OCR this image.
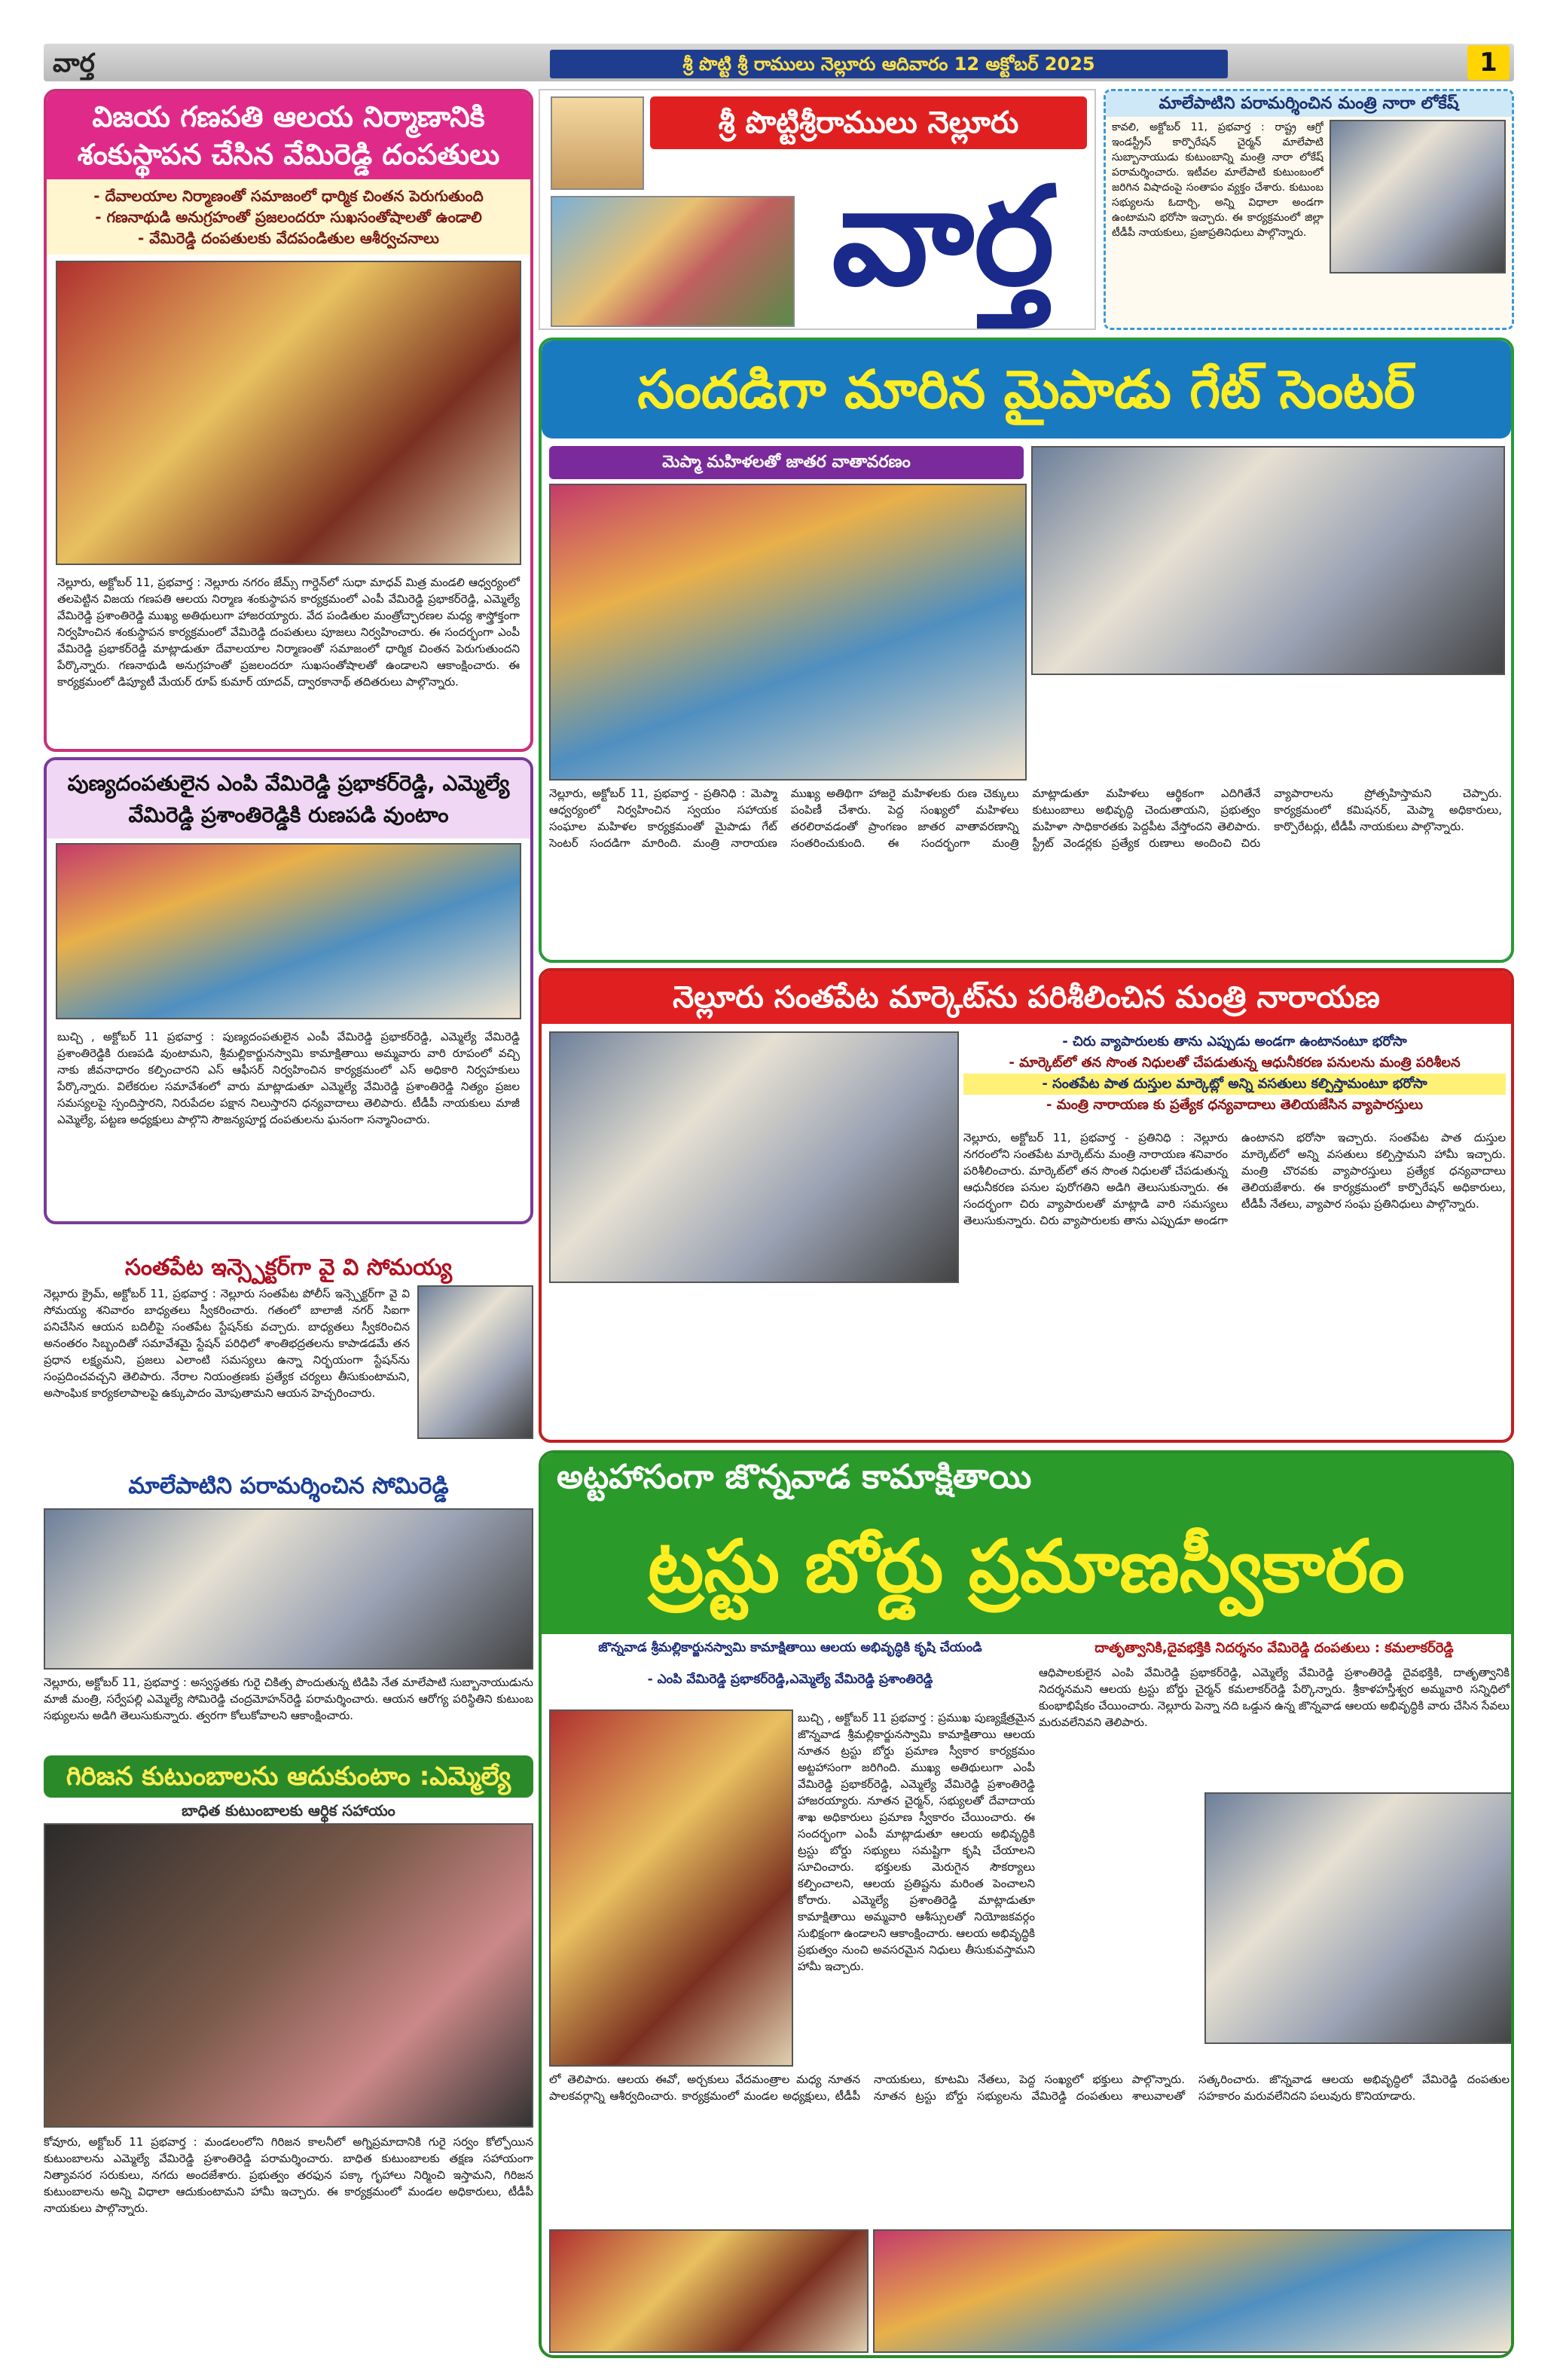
వార్త	శ్రీ పొట్టి శ్రీ రాములు నెల్లూరు ఆదివారం 12 అక్టోబర్ 2025	1
విజయ గణపతి ఆలయ నిర్మాణానికి శంకుస్థాపన చేసిన వేమిరెడ్డి దంపతులు
- దేవాలయాల నిర్మాణంతో సమాజంలో ధార్మిక చింతన పెరుగుతుంది
- గణనాథుడి అనుగ్రహంతో ప్రజలందరూ సుఖసంతోషాలతో ఉండాలి
- వేమిరెడ్డి దంపతులకు వేదపండితుల ఆశీర్వచనాలు
నెల్లూరు, అక్టోబర్ 11, ప్రభవార్త : నెల్లూరు నగరం జేమ్స్ గార్డెన్‌లో సుధా మాధవ్ మిత్ర మండలి ఆధ్వర్యంలో తలపెట్టిన విజయ గణపతి ఆలయ నిర్మాణ శంకుస్థాపన కార్యక్రమంలో ఎంపీ వేమిరెడ్డి ప్రభాకర్‌రెడ్డి, ఎమ్మెల్యే వేమిరెడ్డి ప్రశాంతిరెడ్డి ముఖ్య అతిథులుగా హాజరయ్యారు. వేద పండితుల మంత్రోచ్ఛారణల మధ్య శాస్త్రోక్తంగా నిర్వహించిన శంకుస్థాపన కార్యక్రమంలో వేమిరెడ్డి దంపతులు పూజలు నిర్వహించారు. ఈ సందర్భంగా ఎంపీ వేమిరెడ్డి ప్రభాకర్‌రెడ్డి మాట్లాడుతూ దేవాలయాల నిర్మాణంతో సమాజంలో ధార్మిక చింతన పెరుగుతుందని పేర్కొన్నారు. గణనాథుడి అనుగ్రహంతో ప్రజలందరూ సుఖసంతోషాలతో ఉండాలని ఆకాంక్షించారు. ఈ కార్యక్రమంలో డిప్యూటీ మేయర్ రూప్ కుమార్ యాదవ్, ద్వారకానాథ్ తదితరులు పాల్గొన్నారు.
పుణ్యదంపతులైన ఎంపి వేమిరెడ్డి ప్రభాకర్‌రెడ్డి, ఎమ్మెల్యే వేమిరెడ్డి ప్రశాంతిరెడ్డికి రుణపడి వుంటాం
బుచ్చి , అక్టోబర్ 11 ప్రభవార్త : పుణ్యదంపతులైన ఎంపీ వేమిరెడ్డి ప్రభాకర్‌రెడ్డి, ఎమ్మెల్యే వేమిరెడ్డి ప్రశాంతిరెడ్డికి రుణపడి వుంటామని, శ్రీమల్లికార్జునస్వామి కామాక్షితాయి అమ్మవారు వారి రూపంలో వచ్చి నాకు జీవనాధారం కల్పించారని ఎస్ ఆఫీసర్ నిర్వహించిన కార్యక్రమంలో ఎస్ అధికారి నిర్వహకులు పేర్కొన్నారు. విలేకరుల సమావేశంలో వారు మాట్లాడుతూ ఎమ్మెల్యే వేమిరెడ్డి ప్రశాంతిరెడ్డి నిత్యం ప్రజల సమస్యలపై స్పందిస్తారని, నిరుపేదల పక్షాన నిలుస్తారని ధన్యవాదాలు తెలిపారు. టీడీపీ నాయకులు మాజీ ఎమ్మెల్యే, పట్టణ అధ్యక్షులు పాల్గొని సౌజన్యపూర్ణ దంపతులను ఘనంగా సన్మానించారు.
సంతపేట ఇన్స్పెక్టర్‌గా వై వి సోమయ్య
నెల్లూరు క్రైమ్, అక్టోబర్ 11, ప్రభవార్త : నెల్లూరు సంతపేట పోలీస్ ఇన్స్పెక్టర్‌గా వై వి సోమయ్య శనివారం బాధ్యతలు స్వీకరించారు. గతంలో బాలాజీ నగర్ సిఐగా పనిచేసిన ఆయన బదిలీపై సంతపేట స్టేషన్‌కు వచ్చారు. బాధ్యతలు స్వీకరించిన అనంతరం సిబ్బందితో సమావేశమై స్టేషన్ పరిధిలో శాంతిభద్రతలను కాపాడడమే తన ప్రధాన లక్ష్యమని, ప్రజలు ఎలాంటి సమస్యలు ఉన్నా నిర్భయంగా స్టేషన్‌ను సంప్రదించవచ్చని తెలిపారు. నేరాల నియంత్రణకు ప్రత్యేక చర్యలు తీసుకుంటామని, అసాంఘిక కార్యకలాపాలపై ఉక్కుపాదం మోపుతామని ఆయన హెచ్చరించారు.
మాలేపాటిని పరామర్శించిన సోమిరెడ్డి
నెల్లూరు, అక్టోబర్ 11, ప్రభవార్త : అస్వస్థతకు గురై చికిత్స పొందుతున్న టిడిపి నేత మాలేపాటి సుబ్బానాయుడును మాజీ మంత్రి, సర్వేపల్లి ఎమ్మెల్యే సోమిరెడ్డి చంద్రమోహన్‌రెడ్డి పరామర్శించారు. ఆయన ఆరోగ్య పరిస్థితిని కుటుంబ సభ్యులను అడిగి తెలుసుకున్నారు. త్వరగా కోలుకోవాలని ఆకాంక్షించారు.
గిరిజన కుటుంబాలను ఆదుకుంటాం :ఎమ్మెల్యే
బాధిత కుటుంబాలకు ఆర్థిక సహాయం
కోవూరు, అక్టోబర్ 11 ప్రభవార్త : మండలంలోని గిరిజన కాలనీలో అగ్నిప్రమాదానికి గురై సర్వం కోల్పోయిన కుటుంబాలను ఎమ్మెల్యే వేమిరెడ్డి ప్రశాంతిరెడ్డి పరామర్శించారు. బాధిత కుటుంబాలకు తక్షణ సహాయంగా నిత్యావసర సరుకులు, నగదు అందజేశారు. ప్రభుత్వం తరఫున పక్కా గృహాలు నిర్మించి ఇస్తామని, గిరిజన కుటుంబాలను అన్ని విధాలా ఆదుకుంటామని హామీ ఇచ్చారు. ఈ కార్యక్రమంలో మండల అధికారులు, టీడీపీ నాయకులు పాల్గొన్నారు.
శ్రీ పొట్టిశ్రీరాములు నెల్లూరు
వార్త
మాలేపాటిని పరామర్శించిన మంత్రి నారా లోకేష్
కావలి, అక్టోబర్ 11, ప్రభవార్త : రాష్ట్ర ఆగ్రో ఇండస్ట్రీస్ కార్పొరేషన్ చైర్మన్ మాలేపాటి సుబ్బానాయుడు కుటుంబాన్ని మంత్రి నారా లోకేష్ పరామర్శించారు. ఇటీవల మాలేపాటి కుటుంబంలో జరిగిన విషాదంపై సంతాపం వ్యక్తం చేశారు. కుటుంబ సభ్యులను ఓదార్చి, అన్ని విధాలా అండగా ఉంటామని భరోసా ఇచ్చారు. ఈ కార్యక్రమంలో జిల్లా టీడీపీ నాయకులు, ప్రజాప్రతినిధులు పాల్గొన్నారు.
సందడిగా మారిన మైపాడు గేట్ సెంటర్
మెప్మా మహిళలతో జాతర వాతావరణం
నెల్లూరు, అక్టోబర్ 11, ప్రభవార్త - ప్రతినిధి : మెప్మా ఆధ్వర్యంలో నిర్వహించిన స్వయం సహాయక సంఘాల మహిళల కార్యక్రమంతో మైపాడు గేట్ సెంటర్ సందడిగా మారింది. మంత్రి నారాయణ ముఖ్య అతిథిగా హాజరై మహిళలకు రుణ చెక్కులు పంపిణీ చేశారు. పెద్ద సంఖ్యలో మహిళలు తరలిరావడంతో ప్రాంగణం జాతర వాతావరణాన్ని సంతరించుకుంది. ఈ సందర్భంగా మంత్రి మాట్లాడుతూ మహిళలు ఆర్థికంగా ఎదిగితేనే కుటుంబాలు అభివృద్ధి చెందుతాయని, ప్రభుత్వం మహిళా సాధికారతకు పెద్దపీట వేస్తోందని తెలిపారు. స్ట్రీట్ వెండర్లకు ప్రత్యేక రుణాలు అందించి చిరు వ్యాపారాలను ప్రోత్సహిస్తామని చెప్పారు. కార్యక్రమంలో కమిషనర్, మెప్మా అధికారులు, కార్పొరేటర్లు, టీడీపీ నాయకులు పాల్గొన్నారు.
నెల్లూరు సంతపేట మార్కెట్‌ను పరిశీలించిన మంత్రి నారాయణ
- చిరు వ్యాపారులకు తాను ఎప్పుడు అండగా ఉంటానంటూ భరోసా
- మార్కెట్‌లో తన సొంత నిధులతో చేపడుతున్న ఆధునీకరణ పనులను మంత్రి పరిశీలన
- సంతపేట పాత దుస్తుల మార్కెట్లో అన్ని వసతులు కల్పిస్తామంటూ భరోసా
- మంత్రి నారాయణ కు ప్రత్యేక ధన్యవాదాలు తెలియజేసిన వ్యాపారస్తులు
నెల్లూరు, అక్టోబర్ 11, ప్రభవార్త - ప్రతినిధి : నెల్లూరు నగరంలోని సంతపేట మార్కెట్‌ను మంత్రి నారాయణ శనివారం పరిశీలించారు. మార్కెట్‌లో తన సొంత నిధులతో చేపడుతున్న ఆధునీకరణ పనుల పురోగతిని అడిగి తెలుసుకున్నారు. ఈ సందర్భంగా చిరు వ్యాపారులతో మాట్లాడి వారి సమస్యలు తెలుసుకున్నారు. చిరు వ్యాపారులకు తాను ఎప్పుడూ అండగా ఉంటానని భరోసా ఇచ్చారు. సంతపేట పాత దుస్తుల మార్కెట్‌లో అన్ని వసతులు కల్పిస్తామని హామీ ఇచ్చారు. మంత్రి చొరవకు వ్యాపారస్తులు ప్రత్యేక ధన్యవాదాలు తెలియజేశారు. ఈ కార్యక్రమంలో కార్పొరేషన్ అధికారులు, టీడీపీ నేతలు, వ్యాపార సంఘ ప్రతినిధులు పాల్గొన్నారు.
అట్టహాసంగా జొన్నవాడ కామాక్షితాయి
ట్రస్టు బోర్డు ప్రమాణస్వీకారం
జొన్నవాడ శ్రీమల్లికార్జునస్వామి కామాక్షితాయి ఆలయ అభివృద్ధికి కృషి చేయండి
- ఎంపి వేమిరెడ్డి ప్రభాకర్‌రెడ్డి,ఎమ్మెల్యే వేమిరెడ్డి ప్రశాంతిరెడ్డి
దాతృత్వానికి,దైవభక్తికి నిదర్శనం వేమిరెడ్డి దంపతులు : కమలాకర్‌రెడ్డి
ఆధిపాలకులైన ఎంపి వేమిరెడ్డి ప్రభాకర్‌రెడ్డి, ఎమ్మెల్యే వేమిరెడ్డి ప్రశాంతిరెడ్డి దైవభక్తికి, దాతృత్వానికి నిదర్శనమని ఆలయ ట్రస్టు బోర్డు చైర్మన్ కమలాకర్‌రెడ్డి పేర్కొన్నారు. శ్రీకాళహస్తీశ్వర అమ్మవారి సన్నిధిలో కుంభాభిషేకం చేయించారు. నెల్లూరు పెన్నా నది ఒడ్డున ఉన్న జొన్నవాడ ఆలయ అభివృద్ధికి వారు చేసిన సేవలు మరువలేనివని తెలిపారు.
బుచ్చి , అక్టోబర్ 11 ప్రభవార్త : ప్రముఖ పుణ్యక్షేత్రమైన జొన్నవాడ శ్రీమల్లికార్జునస్వామి కామాక్షితాయి ఆలయ నూతన ట్రస్టు బోర్డు ప్రమాణ స్వీకార కార్యక్రమం అట్టహాసంగా జరిగింది. ముఖ్య అతిథులుగా ఎంపీ వేమిరెడ్డి ప్రభాకర్‌రెడ్డి, ఎమ్మెల్యే వేమిరెడ్డి ప్రశాంతిరెడ్డి హాజరయ్యారు. నూతన చైర్మన్, సభ్యులతో దేవాదాయ శాఖ అధికారులు ప్రమాణ స్వీకారం చేయించారు. ఈ సందర్భంగా ఎంపీ మాట్లాడుతూ ఆలయ అభివృద్ధికి ట్రస్టు బోర్డు సభ్యులు సమష్టిగా కృషి చేయాలని సూచించారు. భక్తులకు మెరుగైన సౌకర్యాలు కల్పించాలని, ఆలయ ప్రతిష్టను మరింత పెంచాలని కోరారు. ఎమ్మెల్యే ప్రశాంతిరెడ్డి మాట్లాడుతూ కామాక్షితాయి అమ్మవారి ఆశీస్సులతో నియోజకవర్గం సుభిక్షంగా ఉండాలని ఆకాంక్షించారు. ఆలయ అభివృద్ధికి ప్రభుత్వం నుంచి అవసరమైన నిధులు తీసుకువస్తామని హామీ ఇచ్చారు.
లో తెలిపారు. ఆలయ ఈవో, అర్చకులు వేదమంత్రాల మధ్య నూతన పాలకవర్గాన్ని ఆశీర్వదించారు. కార్యక్రమంలో మండల అధ్యక్షులు, టీడీపీ నాయకులు, కూటమి నేతలు, పెద్ద సంఖ్యలో భక్తులు పాల్గొన్నారు. నూతన ట్రస్టు బోర్డు సభ్యులను వేమిరెడ్డి దంపతులు శాలువాలతో సత్కరించారు. జొన్నవాడ ఆలయ అభివృద్ధిలో వేమిరెడ్డి దంపతుల సహకారం మరువలేనిదని పలువురు కొనియాడారు.
